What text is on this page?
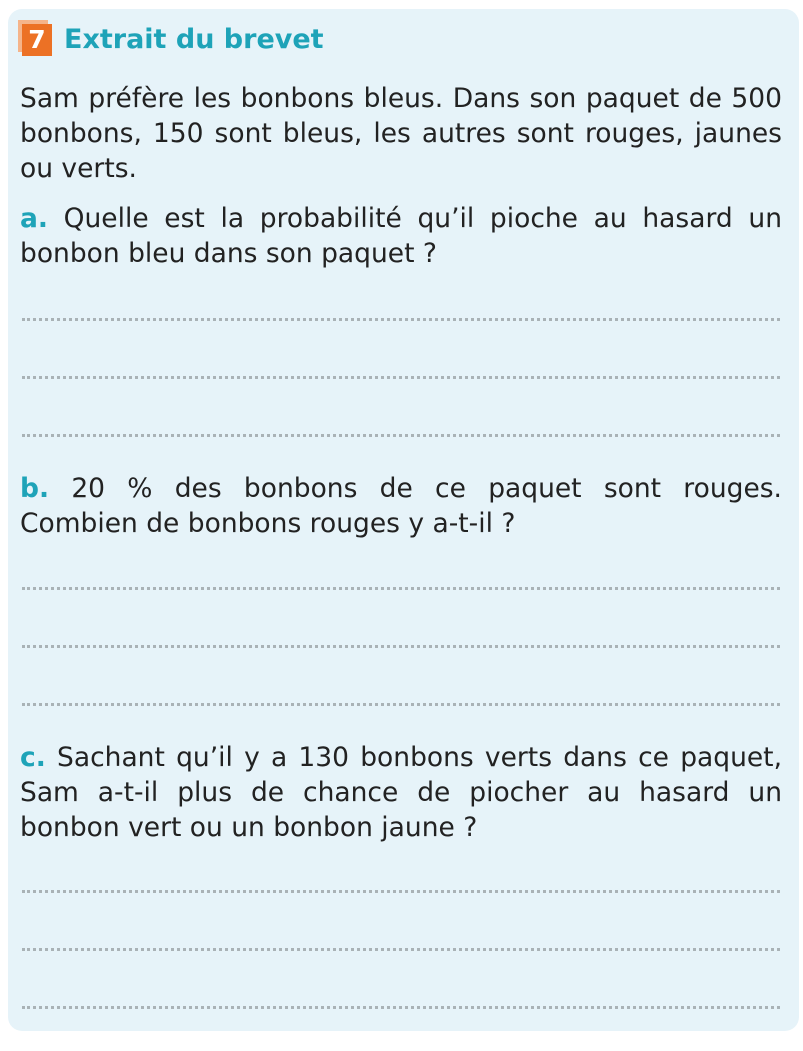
7 Extrait du brevet

Sam préfère les bonbons bleus. Dans son paquet de 500 bonbons, 150 sont bleus, les autres sont rouges, jaunes ou verts.

a. Quelle est la probabilité qu’il pioche au hasard un bonbon bleu dans son paquet ?

b. 20 % des bonbons de ce paquet sont rouges. Combien de bonbons rouges y a-t-il ?

c. Sachant qu’il y a 130 bonbons verts dans ce paquet, Sam a-t-il plus de chance de piocher au hasard un bonbon vert ou un bonbon jaune ?
